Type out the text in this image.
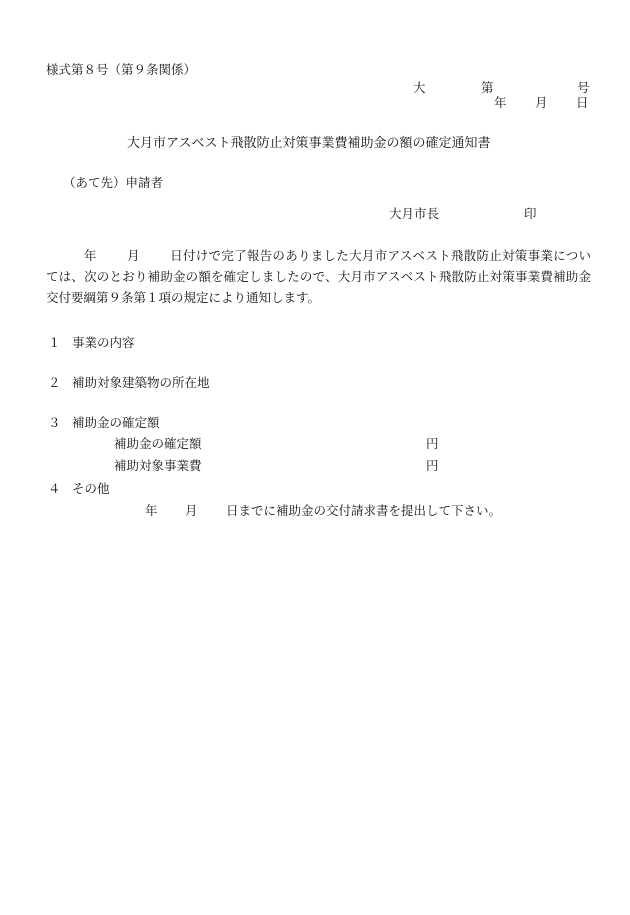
様式第８号（第９条関係）
大	第	号
年 月 日
大月市アスベスト飛散防止対策事業費補助金の額の確定通知書
（あて先）申請者
大月市長	印
年 月 日付けで完了報告のありました大月市アスベスト飛散防止対策事業については、次のとおり補助金の額を確定しましたので、大月市アスベスト飛散防止対策事業費補助金交付要綱第９条第１項の規定により通知します。
１ 事業の内容
２ 補助対象建築物の所在地
３ 補助金の確定額
補助金の確定額	円
補助対象事業費	円
４ その他
年 月 日までに補助金の交付請求書を提出して下さい。
